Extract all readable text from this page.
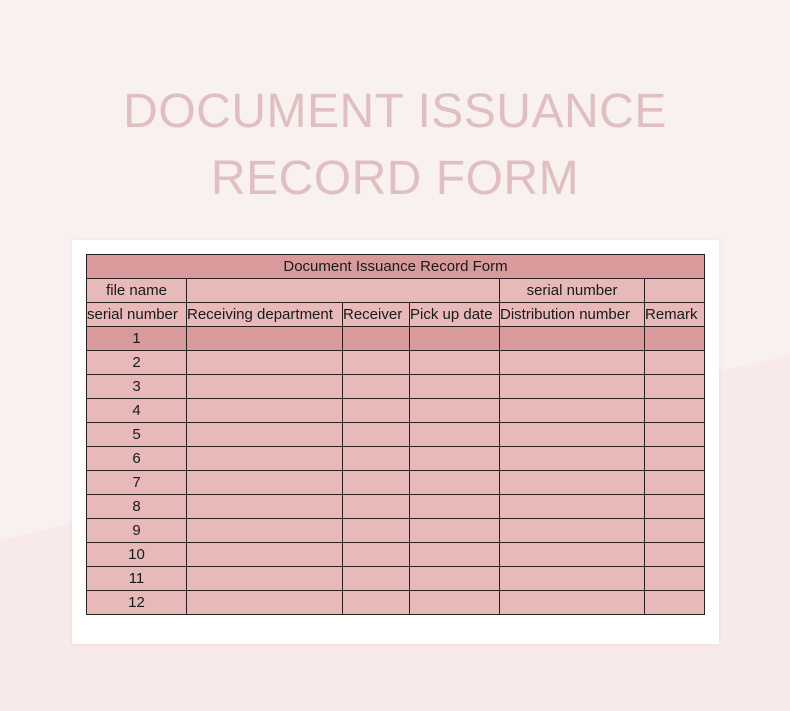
DOCUMENT ISSUANCE
RECORD FORM
Document Issuance Record Form					
file name				serial number	
serial number	Receiving department	Receiver	Pick up date	Distribution number	Remark
1					
2					
3					
4					
5					
6					
7					
8					
9					
10					
11					
12					
